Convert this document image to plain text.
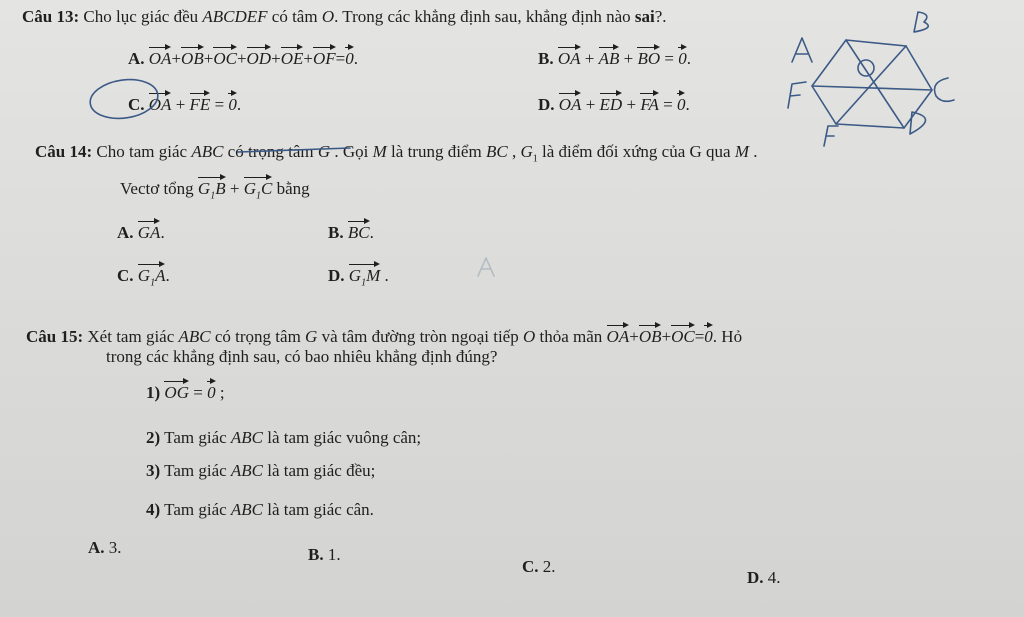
Câu 13: Cho lục giác đều ABCDEF có tâm O. Trong các khẳng định sau, khẳng định nào sai?.
A. OA+OB+OC+OD+OE+OF=0.	B. OA + AB + BO = 0.
C. OA + FE = 0.	D. OA + ED + FA = 0.
Câu 14: Cho tam giác ABC có trọng tâm G . Gọi M là trung điểm BC , $G_1$ là điểm đối xứng của G qua M .
Vectơ tổng $G_1B + G_1C$ bằng
A. GA.	B. BC.
C. $G_1A$.	D. $G_1M$ .
Câu 15: Xét tam giác ABC có trọng tâm G và tâm đường tròn ngoại tiếp O thỏa mãn OA+OB+OC=0. Hỏ
trong các khẳng định sau, có bao nhiêu khẳng định đúng?
1) OG = 0 ;
2) Tam giác ABC là tam giác vuông cân;
3) Tam giác ABC là tam giác đều;
4) Tam giác ABC là tam giác cân.
A. 3.	B. 1.
C. 2.
D. 4.
